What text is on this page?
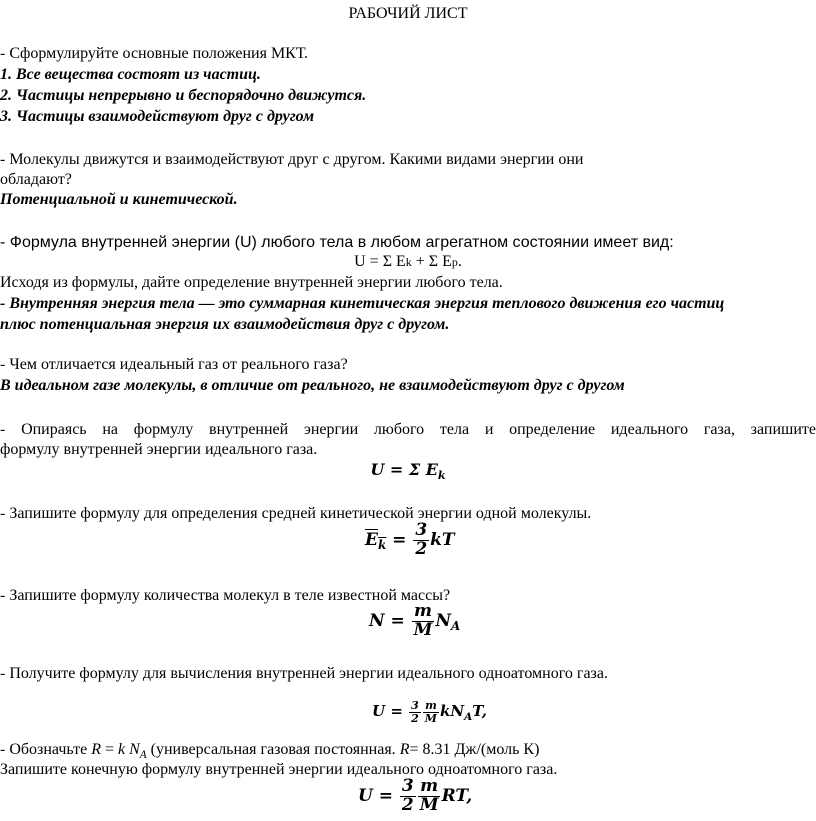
РАБОЧИЙ ЛИСТ
- Сформулируйте основные положения МКТ.
1. Все вещества состоят из частиц.
2. Частицы непрерывно и беспорядочно движутся.
3. Частицы взаимодействуют друг с другом
- Молекулы движутся и взаимодействуют друг с другом. Какими видами энергии они
обладают?
Потенциальной и кинетической.
- Формула внутренней энергии (U) любого тела в любом агрегатном состоянии имеет вид:
U = Σ Ek + Σ Ep.
Исходя из формулы, дайте определение внутренней энергии любого тела.
- Внутренняя энергия тела — это суммарная кинетическая энергия теплового движения его частиц
плюс потенциальная энергия их взаимодействия друг с другом.
- Чем отличается идеальный газ от реального газа?
В идеальном газе молекулы, в отличие от реального, не взаимодействуют друг с другом
- Опираясь на формулу внутренней энергии любого тела и определение идеального газа, запишите
формулу внутренней энергии идеального газа.
U = Σ $E_k$
- Запишите формулу для определения средней кинетической энергии одной молекулы.
$E_k = \frac{3}{2}$ kT
- Запишите формулу количества молекул в теле известной массы?
$N = \frac{m}{M} N_A$
- Получите формулу для вычисления внутренней энергии идеального одноатомного газа.
$U = \frac{3}{2} \frac{m}{M} kN_AT$,
- Обозначьте R = k $N_A$ (универсальная газовая постоянная. R= 8.31 Дж/(моль К)
Запишите конечную формулу внутренней энергии идеального одноатомного газа.
$U = \frac{3}{2} \frac{m}{M}$ RT,
